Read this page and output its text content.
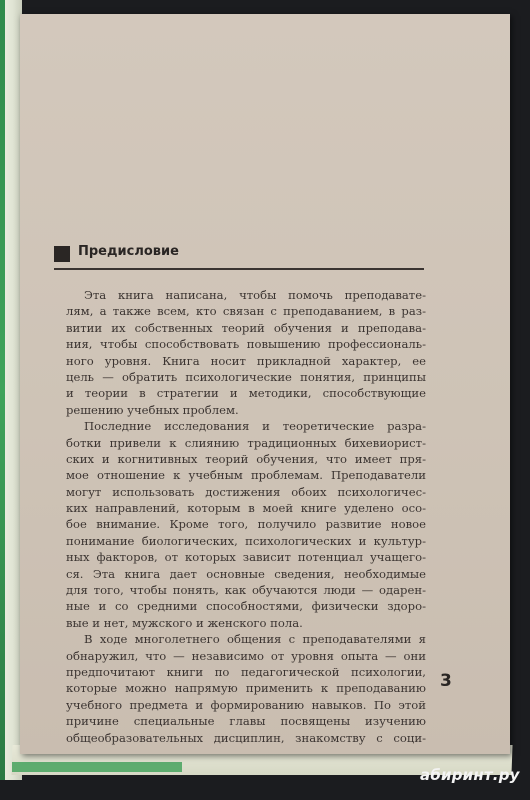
Предисловие
Эта книга написана, чтобы помочь преподавате-
лям, а также всем, кто связан с преподаванием, в раз-
витии их собственных теорий обучения и преподава-
ния, чтобы способствовать повышению профессиональ-
ного уровня. Книга носит прикладной характер, ее
цель — обратить психологические понятия, принципы
и теории в стратегии и методики, способствующие
решению учебных проблем.
Последние исследования и теоретические разра-
ботки привели к слиянию традиционных бихевиорист-
ских и когнитивных теорий обучения, что имеет пря-
мое отношение к учебным проблемам. Преподаватели
могут использовать достижения обоих психологичес-
ких направлений, которым в моей книге уделено осо-
бое внимание. Кроме того, получило развитие новое
понимание биологических, психологических и культур-
ных факторов, от которых зависит потенциал учащего-
ся. Эта книга дает основные сведения, необходимые
для того, чтобы понять, как обучаются люди — одарен-
ные и со средними способностями, физически здоро-
вые и нет, мужского и женского пола.
В ходе многолетнего общения с преподавателями я
обнаружил, что — независимо от уровня опыта — они
предпочитают книги по педагогической психологии,
которые можно напрямую применить к преподаванию
учебного предмета и формированию навыков. По этой
причине специальные главы посвящены изучению
общеобразовательных дисциплин, знакомству с соци-
3
абиринт.ру
